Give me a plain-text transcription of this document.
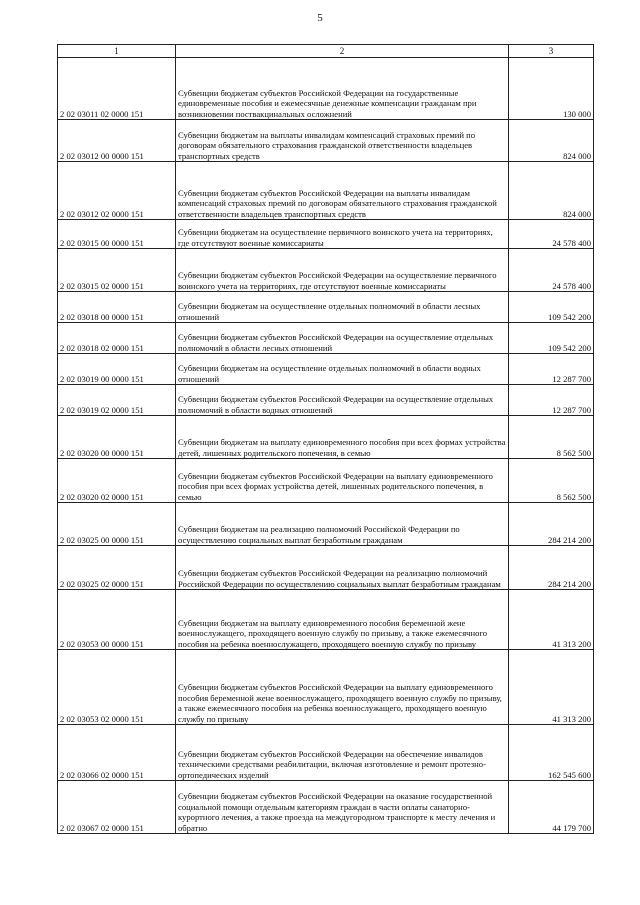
5
1	2	3
2 02 03011 02 0000 151	Субвенции бюджетам субъектов Российской Федерации на государственные единовременные пособия и ежемесячные денежные компенсации гражданам при возникновении поствакцинальных осложнений	130 000
2 02 03012 00 0000 151	Субвенции бюджетам на выплаты инвалидам компенсаций страховых премий по договорам обязательного страхования гражданской ответственности владельцев транспортных средств	824 000
2 02 03012 02 0000 151	Субвенции бюджетам субъектов Российской Федерации на выплаты инвалидам компенсаций страховых премий по договорам обязательного страхования гражданской ответственности владельцев транспортных средств	824 000
2 02 03015 00 0000 151	Субвенции бюджетам на осуществление первичного воинского учета на территориях, где отсутствуют военные комиссариаты	24 578 400
2 02 03015 02 0000 151	Субвенции бюджетам субъектов Российской Федерации на осуществление первичного воинского учета на территориях, где отсутствуют военные комиссариаты	24 578 400
2 02 03018 00 0000 151	Субвенции бюджетам на осуществление отдельных полномочий в области лесных отношений	109 542 200
2 02 03018 02 0000 151	Субвенции бюджетам субъектов Российской Федерации на осуществление отдельных полномочий в области лесных отношений	109 542 200
2 02 03019 00 0000 151	Субвенции бюджетам на осуществление отдельных полномочий в области водных отношений	12 287 700
2 02 03019 02 0000 151	Субвенции бюджетам субъектов Российской Федерации на осуществление отдельных полномочий в области водных отношений	12 287 700
2 02 03020 00 0000 151	Субвенции бюджетам на выплату единовременного пособия при всех формах устройства детей, лишенных родительского попечения, в семью	8 562 500
2 02 03020 02 0000 151	Субвенции бюджетам субъектов Российской Федерации на выплату единовременного пособия при всех формах устройства детей, лишенных родительского попечения, в семью	8 562 500
2 02 03025 00 0000 151	Субвенции бюджетам на реализацию полномочий Российской Федерации по осуществлению социальных выплат безработным гражданам	284 214 200
2 02 03025 02 0000 151	Субвенции бюджетам субъектов Российской Федерации на реализацию полномочий Российской Федерации по осуществлению социальных выплат безработным гражданам	284 214 200
2 02 03053 00 0000 151	Субвенции бюджетам на выплату единовременного пособия беременной жене военнослужащего, проходящего военную службу по призыву, а также ежемесячного пособия на ребенка военнослужащего, проходящего военную службу по призыву	41 313 200
2 02 03053 02 0000 151	Субвенции бюджетам субъектов Российской Федерации на выплату единовременного пособия беременной жене военнослужащего, проходящего военную службу по призыву, а также ежемесячного пособия на ребенка военнослужащего, проходящего военную службу по призыву	41 313 200
2 02 03066 02 0000 151	Субвенции бюджетам субъектов Российской Федерации на обеспечение инвалидов техническими средствами реабилитации, включая изготовление и ремонт протезно-ортопедических изделий	162 545 600
2 02 03067 02 0000 151	Субвенции бюджетам субъектов Российской Федерации на оказание государственной социальной помощи отдельным категориям граждан в части оплаты санаторно-курортного лечения, а также проезда на междугородном транспорте к месту лечения и обратно	44 179 700
